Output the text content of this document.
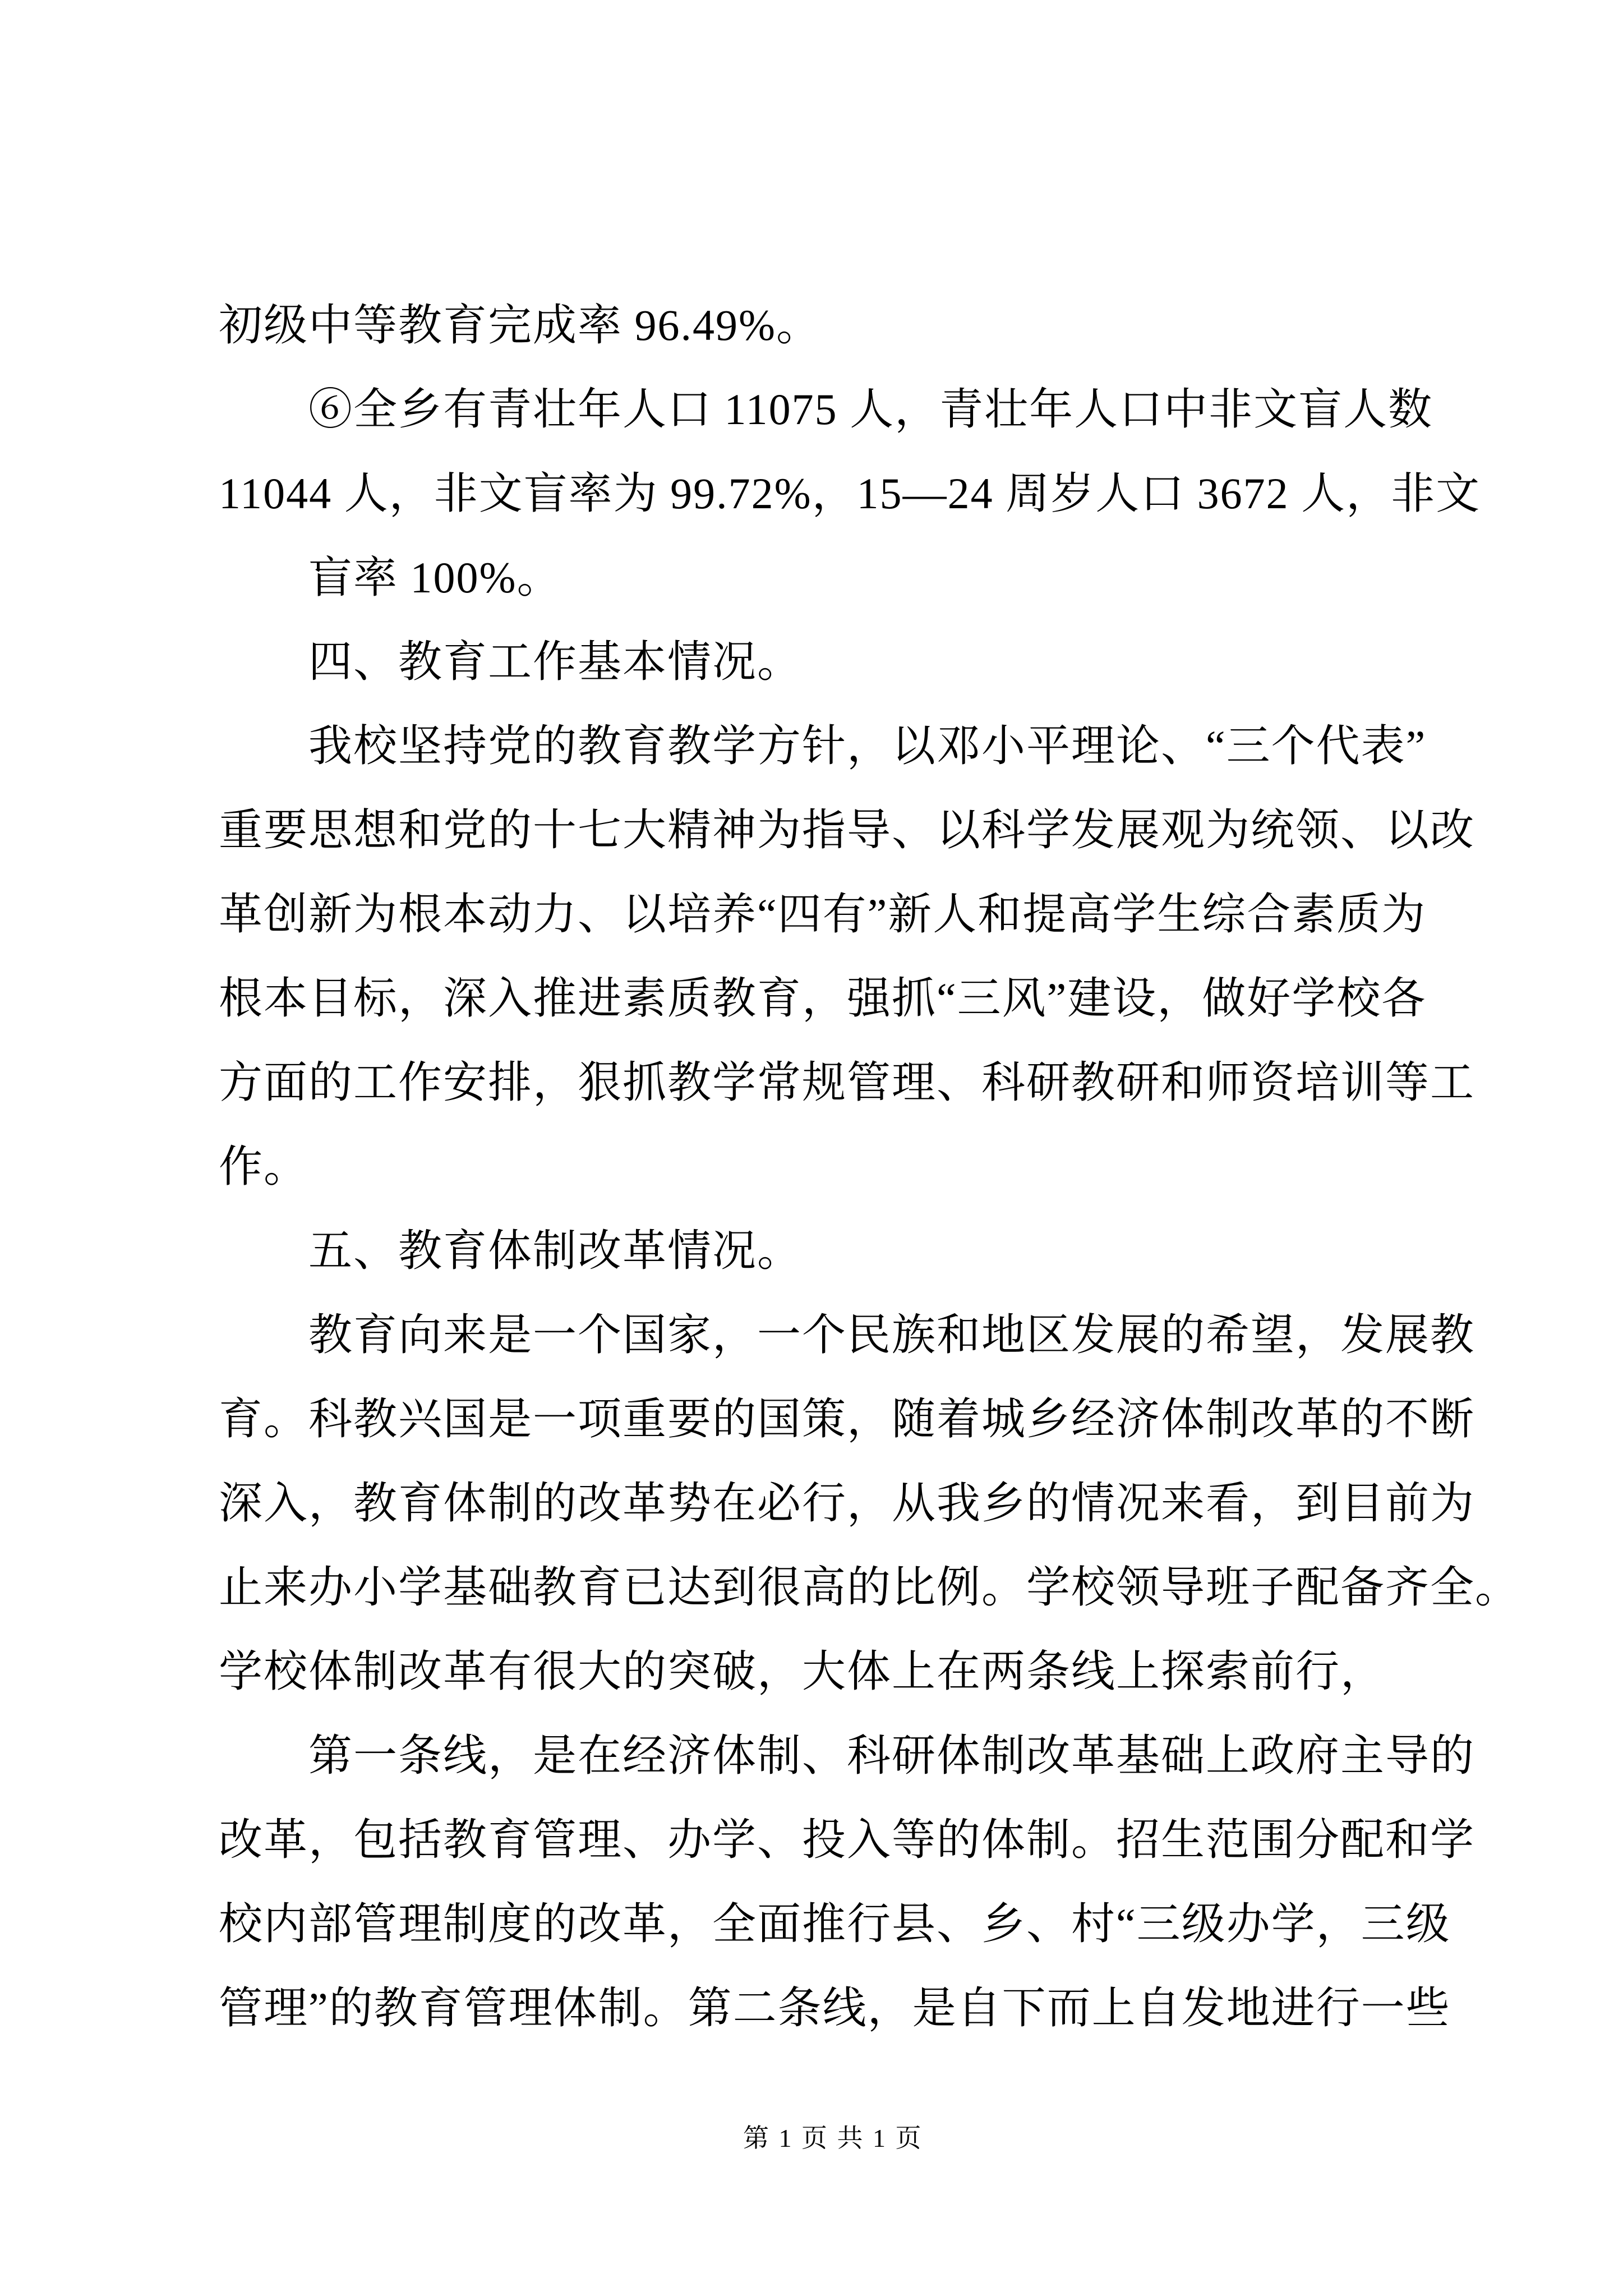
初级中等教育完成率 96.49%。
⑥全乡有青壮年人口 11075 人，青壮年人口中非文盲人数
11044 人，非文盲率为 99.72%，15—24 周岁人口 3672 人，非文
盲率 100%。
四、教育工作基本情况。
我校坚持党的教育教学方针，以邓小平理论、“三个代表”
重要思想和党的十七大精神为指导、以科学发展观为统领、以改
革创新为根本动力、以培养“四有”新人和提高学生综合素质为
根本目标，深入推进素质教育，强抓“三风”建设，做好学校各
方面的工作安排，狠抓教学常规管理、科研教研和师资培训等工
作。
五、教育体制改革情况。
教育向来是一个国家，一个民族和地区发展的希望，发展教
育。科教兴国是一项重要的国策，随着城乡经济体制改革的不断
深入，教育体制的改革势在必行，从我乡的情况来看，到目前为
止来办小学基础教育已达到很高的比例。学校领导班子配备齐全。
学校体制改革有很大的突破，大体上在两条线上探索前行，
第一条线，是在经济体制、科研体制改革基础上政府主导的
改革，包括教育管理、办学、投入等的体制。招生范围分配和学
校内部管理制度的改革，全面推行县、乡、村“三级办学，三级
管理”的教育管理体制。第二条线，是自下而上自发地进行一些
第 1 页 共 1 页
